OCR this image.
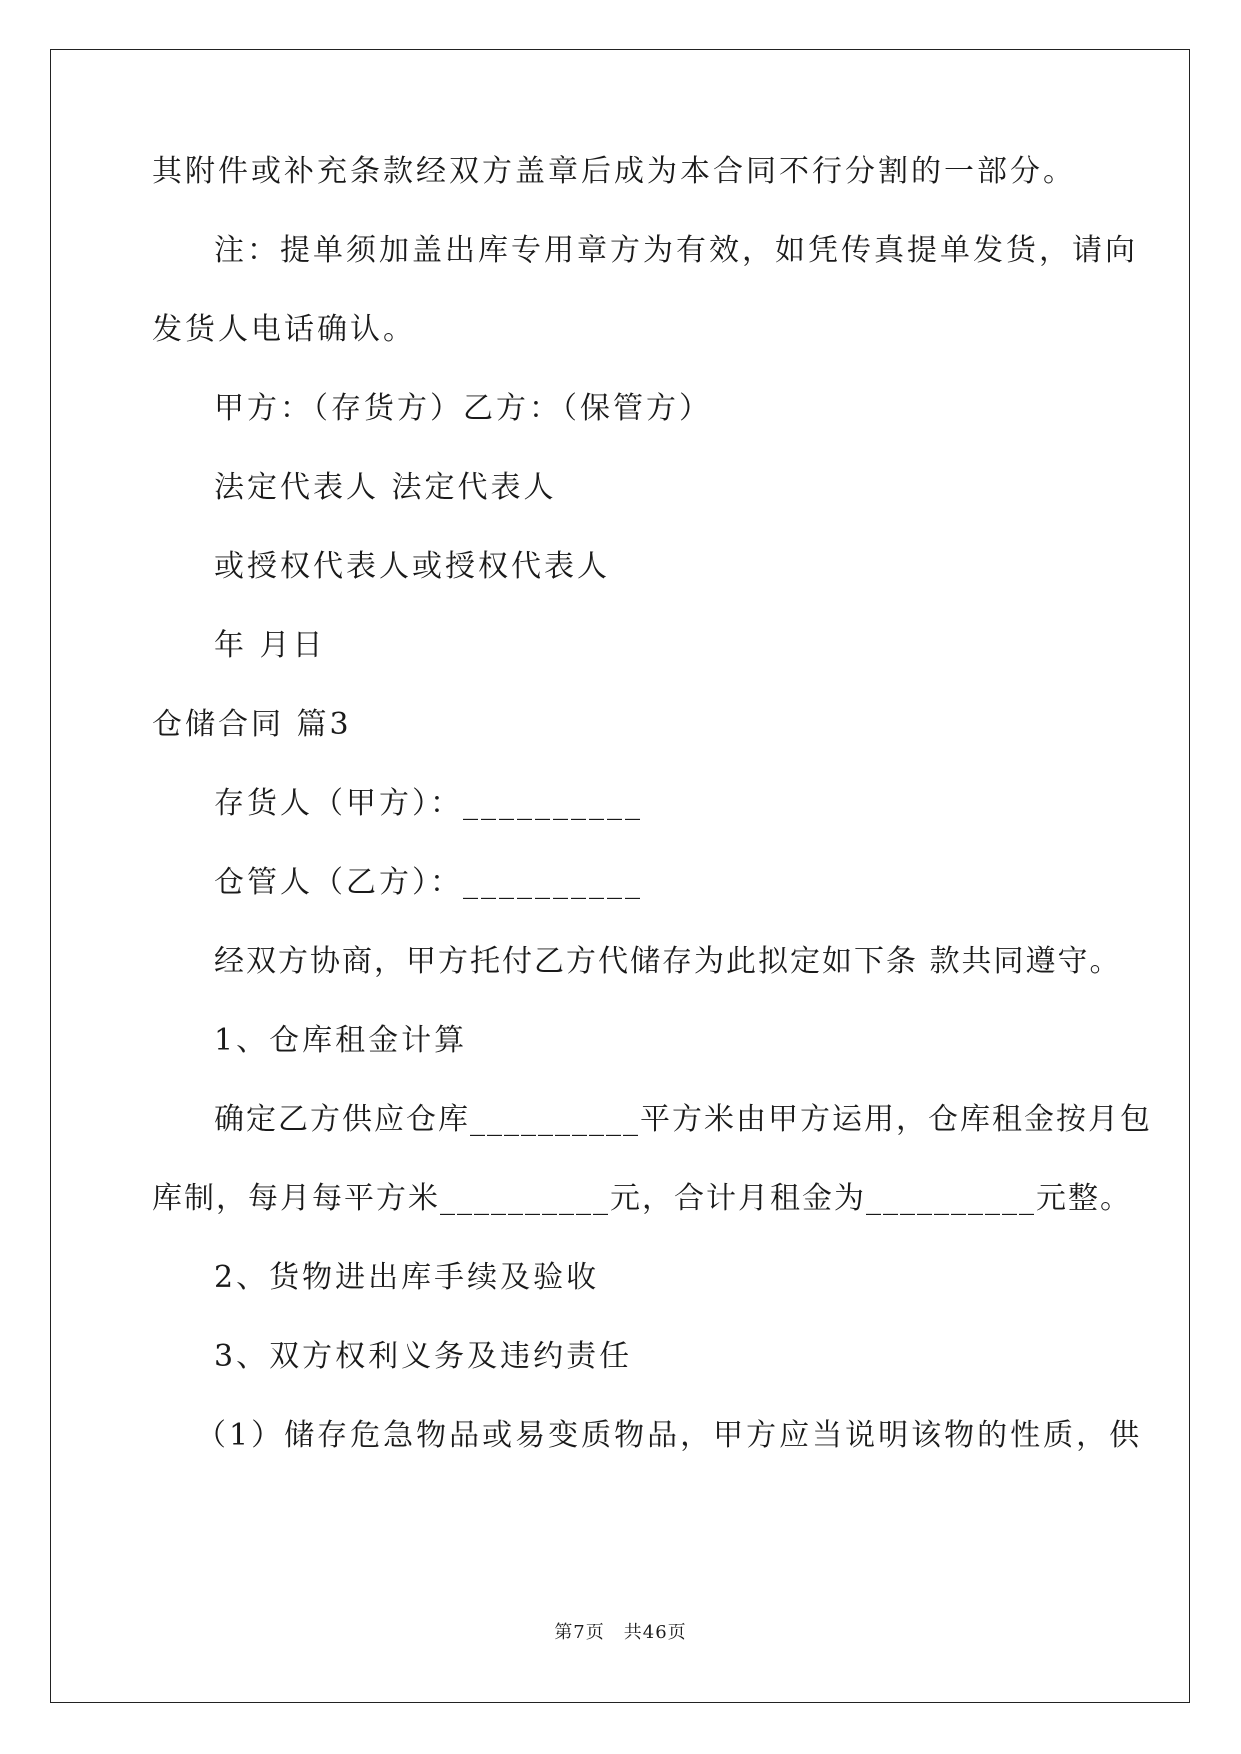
其附件或补充条款经双方盖章后成为本合同不行分割的一部分。
注：提单须加盖出库专用章方为有效，如凭传真提单发货，请向
发货人电话确认。
甲方：（存货方）乙方：（保管方）
法定代表人 法定代表人
或授权代表人或授权代表人
年 月日
仓储合同 篇3
存货人（甲方）：__________
仓管人（乙方）：__________
经双方协商，甲方托付乙方代储存为此拟定如下条 款共同遵守。
1、仓库租金计算
确定乙方供应仓库__________平方米由甲方运用，仓库租金按月包
库制，每月每平方米__________元，合计月租金为__________元整。
2、货物进出库手续及验收
3、双方权利义务及违约责任
（1）储存危急物品或易变质物品，甲方应当说明该物的性质，供
第7页　共46页
